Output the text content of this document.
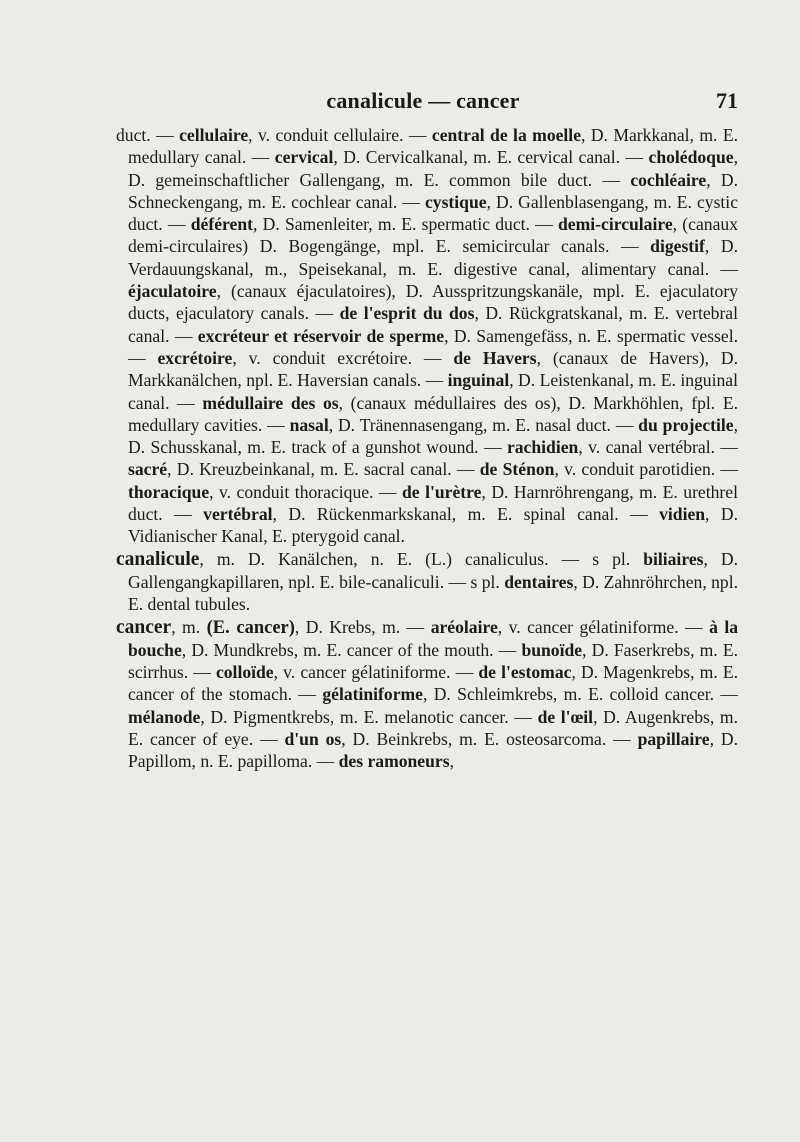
canalicule — cancer	71

duct. — cellulaire, v. conduit cellulaire. — central de la moelle, D. Markkanal, m. E. medullary canal. — cervical, D. Cervicalkanal, m. E. cervical canal. — cholédoque, D. gemeinschaftlicher Gallengang, m. E. common bile duct. — cochléaire, D. Schneckengang, m. E. cochlear canal. — cystique, D. Gallenblasengang, m. E. cystic duct. — déférent, D. Samenleiter, m. E. spermatic duct. — demi-circulaire, (canaux demi-circulaires) D. Bogengänge, mpl. E. semicircular canals. — digestif, D. Verdauungskanal, m., Speisekanal, m. E. digestive canal, alimentary canal. — éjaculatoire, (canaux éjaculatoires), D. Ausspritzungskanäle, mpl. E. ejaculatory ducts, ejaculatory canals. — de l'esprit du dos, D. Rückgratskanal, m. E. vertebral canal. — excréteur et réservoir de sperme, D. Samengefäss, n. E. spermatic vessel. — excrétoire, v. conduit excrétoire. — de Havers, (canaux de Havers), D. Markkanälchen, npl. E. Haversian canals. — inguinal, D. Leistenkanal, m. E. inguinal canal. — médullaire des os, (canaux médullaires des os), D. Markhöhlen, fpl. E. medullary cavities. — nasal, D. Tränennasengang, m. E. nasal duct. — du projectile, D. Schusskanal, m. E. track of a gunshot wound. — rachidien, v. canal vertébral. — sacré, D. Kreuzbeinkanal, m. E. sacral canal. — de Sténon, v. conduit parotidien. — thoracique, v. conduit thoracique. — de l'urètre, D. Harnröhrengang, m. E. urethrel duct. — vertébral, D. Rückenmarkskanal, m. E. spinal canal. — vidien, D. Vidianischer Kanal, E. pterygoid canal.

canalicule, m. D. Kanälchen, n. E. (L.) canaliculus. — s pl. biliaires, D. Gallengangkapillaren, npl. E. bile-canaliculi. — s pl. dentaires, D. Zahnröhrchen, npl. E. dental tubules.

cancer, m. (E. cancer), D. Krebs, m. — aréolaire, v. cancer gélatiniforme. — à la bouche, D. Mundkrebs, m. E. cancer of the mouth. — bunoïde, D. Faserkrebs, m. E. scirrhus. — colloïde, v. cancer gélatiniforme. — de l'estomac, D. Magenkrebs, m. E. cancer of the stomach. — gélatiniforme, D. Schleimkrebs, m. E. colloid cancer. — mélanode, D. Pigmentkrebs, m. E. melanotic cancer. — de l'œil, D. Augenkrebs, m. E. cancer of eye. — d'un os, D. Beinkrebs, m. E. osteosarcoma. — papillaire, D. Papillom, n. E. papilloma. — des ramoneurs,
